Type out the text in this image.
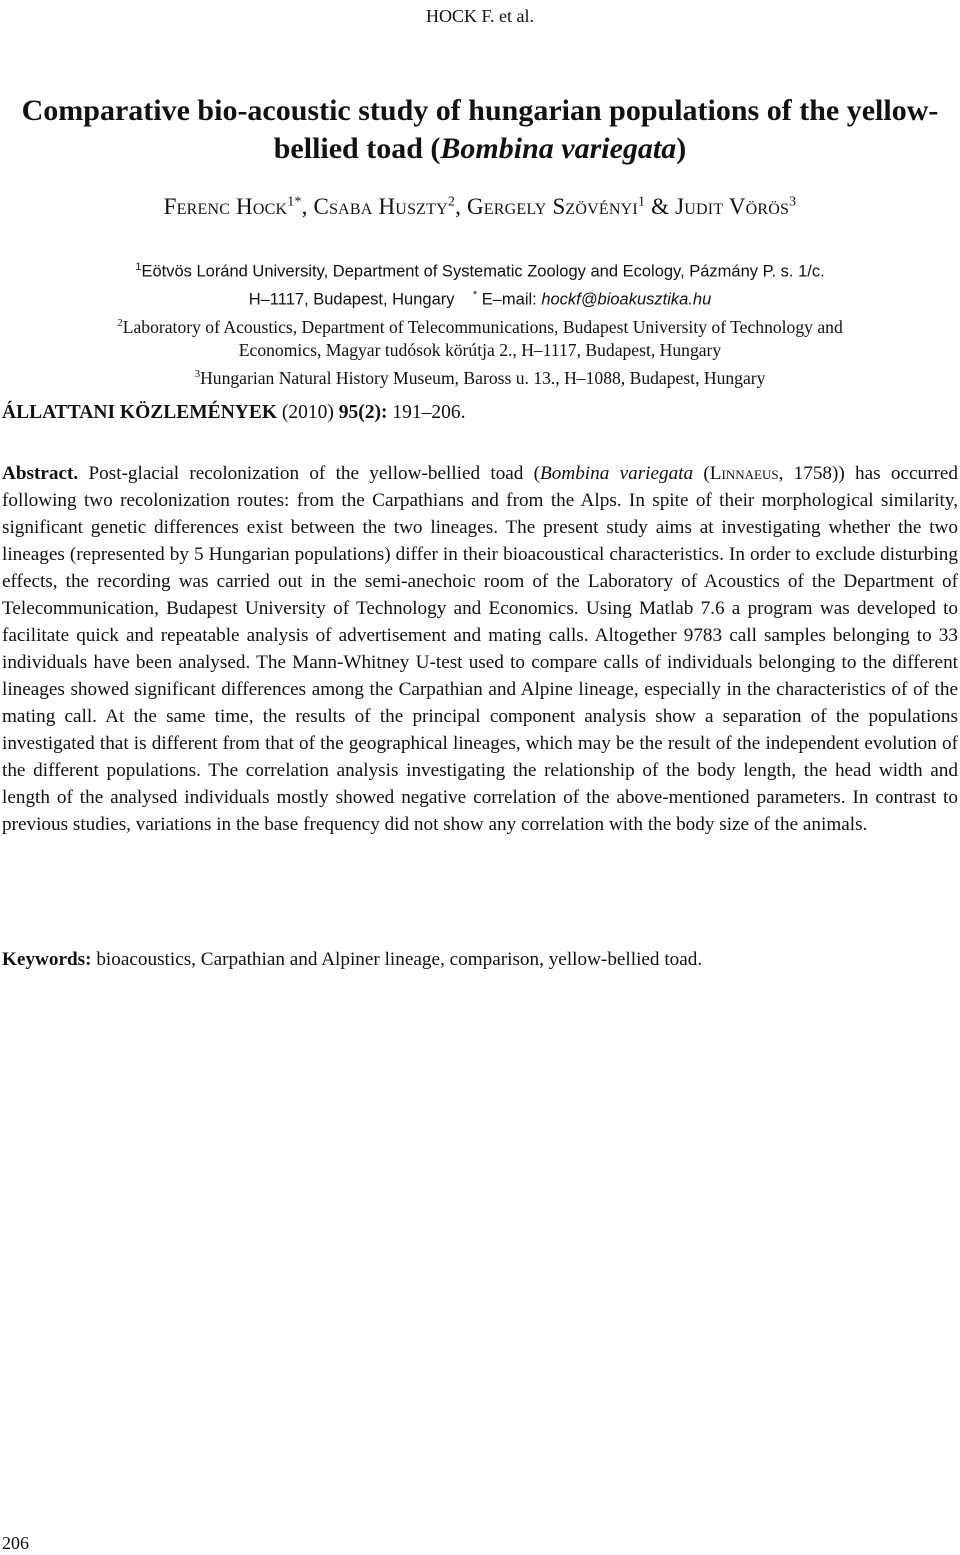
HOCK F. et al.
Comparative bio-acoustic study of hungarian populations of the yellow-
bellied toad (Bombina variegata)
Ferenc Hock$^{1*}$, Csaba Huszty$^2$, Gergely Szövényi$^1$ & Judit Vörös$^3$
$^1$Eötvös Loránd University, Department of Systematic Zoology and Ecology, Pázmány P. s. 1/c.
H–1117, Budapest, Hungary * E–mail: hockf@bioakusztika.hu
$^2$Laboratory of Acoustics, Department of Telecommunications, Budapest University of Technology and
Economics, Magyar tudósok körútja 2., H–1117, Budapest, Hungary
$^3$Hungarian Natural History Museum, Baross u. 13., H–1088, Budapest, Hungary
ÁLLATTANI KÖZLEMÉNYEK (2010) 95(2): 191–206.
Abstract. Post-glacial recolonization of the yellow-bellied toad (Bombina variegata (Linnaeus, 1758)) has occurred following two recolonization routes: from the Carpathians and from the Alps. In spite of their morphological similarity, significant genetic differences exist between the two lineages. The present study aims at investigating whether the two lineages (represented by 5 Hungarian populations) differ in their bioacoustical characteristics. In order to exclude disturbing effects, the recording was carried out in the semi-anechoic room of the Laboratory of Acoustics of the Department of Telecommunication, Budapest University of Technology and Economics. Using Matlab 7.6 a program was developed to facilitate quick and repeatable analysis of advertisement and mating calls. Altogether 9783 call samples belonging to 33 individuals have been analysed. The Mann-Whitney U-test used to compare calls of individuals belonging to the different lineages showed significant differences among the Carpathian and Alpine lineage, especially in the characteristics of of the mating call. At the same time, the results of the principal component analysis show a separation of the populations investigated that is different from that of the geographical lineages, which may be the result of the independent evolution of the different populations. The correlation analysis investigating the relationship of the body length, the head width and length of the analysed individuals mostly showed negative correlation of the above-mentioned parameters. In contrast to previous studies, variations in the base frequency did not show any correlation with the body size of the animals.
Keywords: bioacoustics, Carpathian and Alpiner lineage, comparison, yellow-bellied toad.
206
